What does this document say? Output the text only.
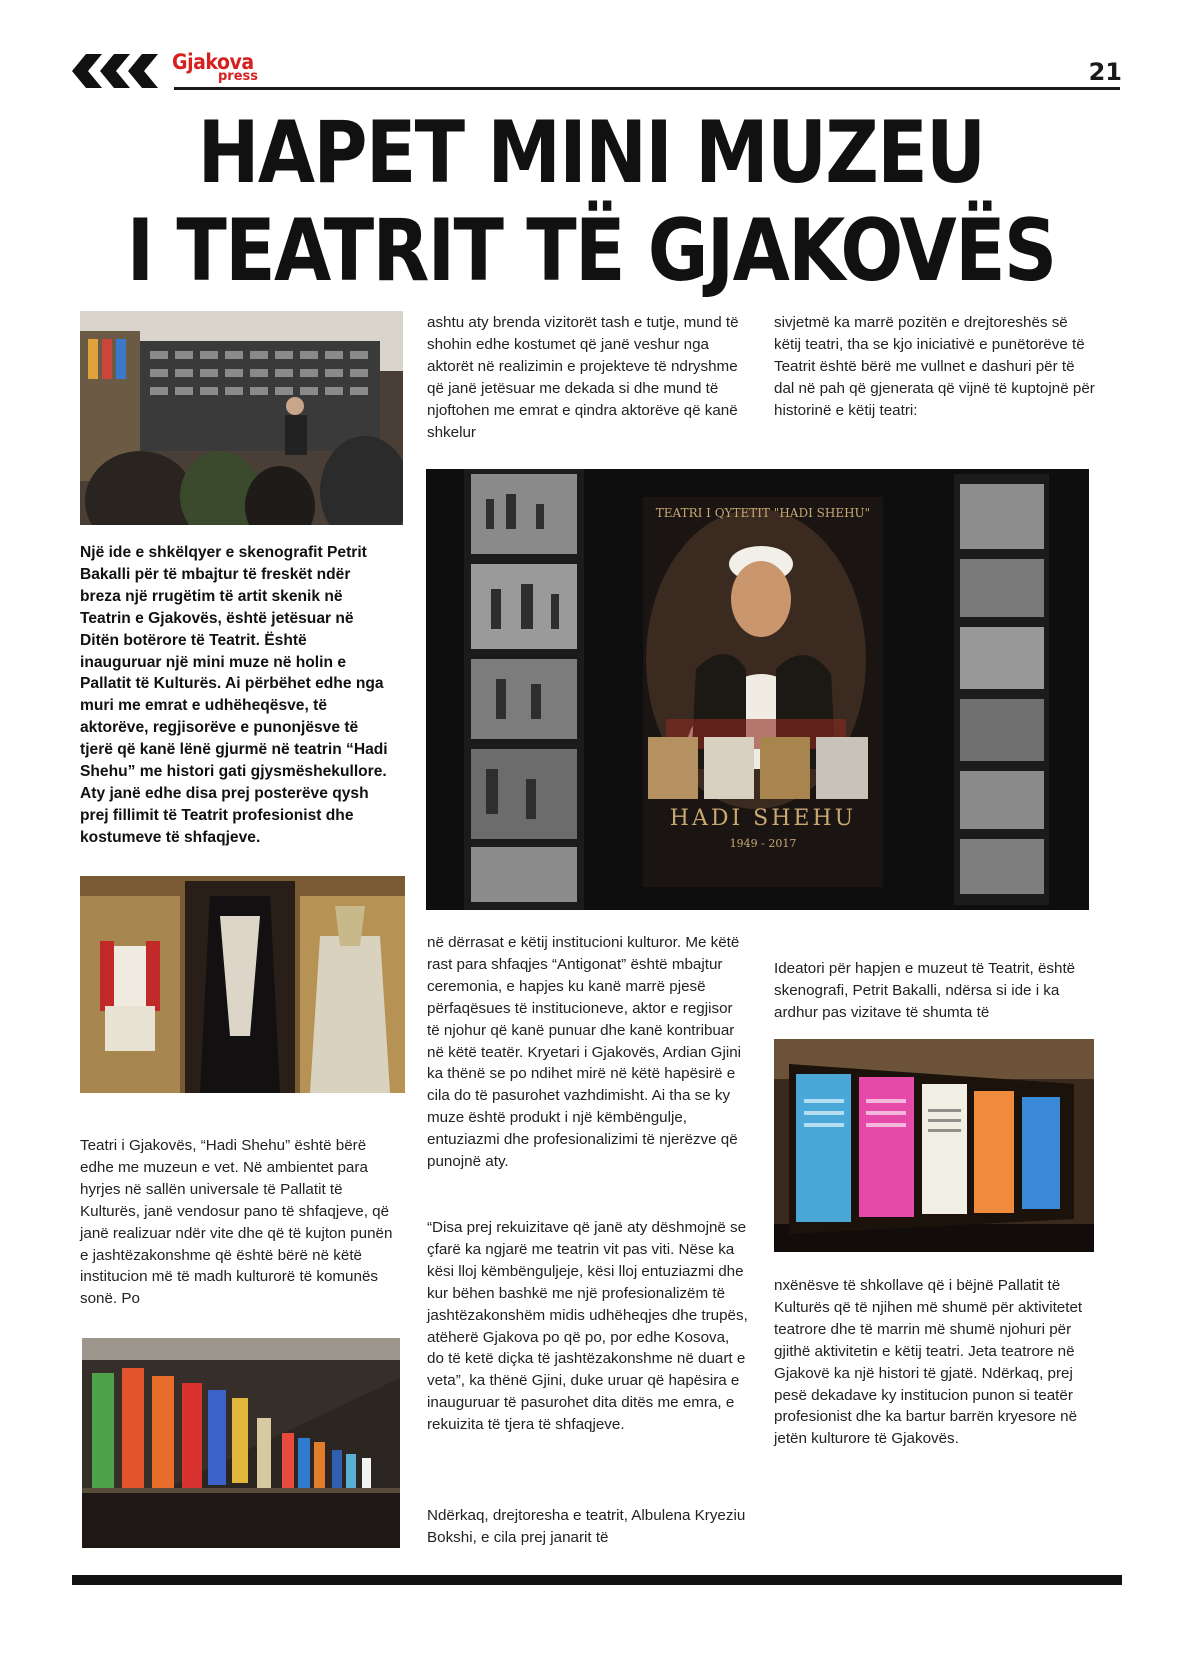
Gjakova
press	21
HAPET MINI MUZEU
I TEATRIT TË GJAKOVËS

Një ide e shkëlqyer e skenografit Petrit Bakalli për të mbajtur të freskët ndër breza një rrugëtim të artit skenik në Teatrin e Gjakovës, është jetësuar në Ditën botërore të Teatrit. Është inauguruar një mini muze në holin e Pallatit të Kulturës. Ai përbëhet edhe nga muri me emrat e udhëheqësve, të aktorëve, regjisorëve e punonjësve të tjerë që kanë lënë gjurmë në teatrin “Hadi Shehu” me histori gati gjysmëshekullore. Aty janë edhe disa prej posterëve qysh prej fillimit të Teatrit profesionist dhe kostumeve të shfaqjeve.

Teatri i Gjakovës, “Hadi Shehu” është bërë edhe me muzeun e vet. Në ambientet para hyrjes në sallën universale të Pallatit të Kulturës, janë vendosur pano të shfaqjeve, që janë realizuar ndër vite dhe që të kujton punën e jashtëzakonshme që është bërë në këtë institucion më të madh kulturorë të komunës sonë. Po

ashtu aty brenda vizitorët tash e tutje, mund të shohin edhe kostumet që janë veshur nga aktorët në realizimin e projekteve të ndryshme që janë jetësuar me dekada si dhe mund të njoftohen me emrat e qindra aktorëve që kanë shkelur

sivjetmë ka marrë pozitën e drejtoreshës së këtij teatri, tha se kjo iniciativë e punëtorëve të Teatrit është bërë me vullnet e dashuri për të dal në pah që gjenerata që vijnë të kuptojnë për historinë e këtij teatri:

HADI SHEHU
1949 - 2017
TEATRI I QYTETIT "HADI SHEHU"

në dërrasat e këtij institucioni kulturor. Me këtë rast para shfaqjes “Antigonat” është mbajtur ceremonia, e hapjes ku kanë marrë pjesë përfaqësues të institucioneve, aktor e regjisor të njohur që kanë punuar dhe kanë kontribuar në këtë teatër. Kryetari i Gjakovës, Ardian Gjini ka thënë se po ndihet mirë në këtë hapësirë e cila do të pasurohet vazhdimisht. Ai tha se ky muze është produkt i një këmbëngulje, entuziazmi dhe profesionalizimi të njerëzve që punojnë aty.

“Disa prej rekuizitave që janë aty dëshmojnë se çfarë ka ngjarë me teatrin vit pas viti. Nëse ka kësi lloj këmbënguljeje, kësi lloj entuziazmi dhe kur bëhen bashkë me një profesionalizëm të jashtëzakonshëm midis udhëheqjes dhe trupës, atëherë Gjakova po që po, por edhe Kosova, do të ketë diçka të jashtëzakonshme në duart e veta”, ka thënë Gjini, duke uruar që hapësira e inauguruar të pasurohet dita ditës me emra, e rekuizita të tjera të shfaqjeve.

Ndërkaq, drejtoresha e teatrit, Albulena Kryeziu Bokshi, e cila prej janarit të

Ideatori për hapjen e muzeut të Teatrit, është skenografi, Petrit Bakalli, ndërsa si ide i ka ardhur pas vizitave të shumta të

nxënësve të shkollave që i bëjnë Pallatit të Kulturës që të njihen më shumë për aktivitetet teatrore dhe të marrin më shumë njohuri për gjithë aktivitetin e këtij teatri. Jeta teatrore në Gjakovë ka një histori të gjatë. Ndërkaq, prej pesë dekadave ky institucion punon si teatër profesionist dhe ka bartur barrën kryesore në jetën kulturore të Gjakovës.
